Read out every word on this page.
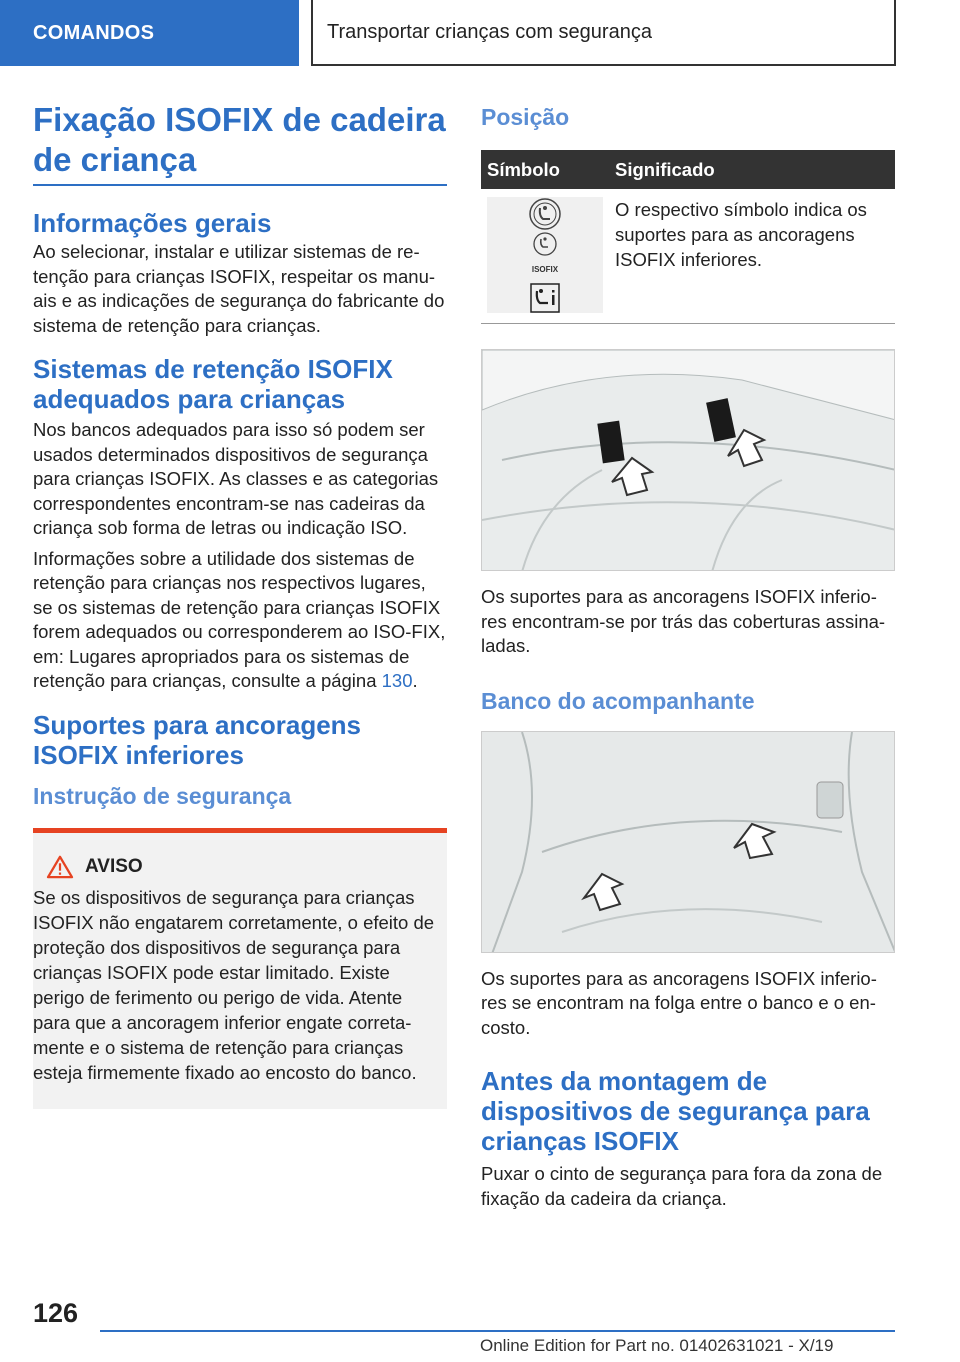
COMANDOS	Transportar crianças com segurança
Fixação ISOFIX de cadeira de criança
Informações gerais

Ao selecionar, instalar e utilizar sistemas de re-tenção para crianças ISOFIX, respeitar os manu-ais e as indicações de segurança do fabricante do sistema de retenção para crianças.

Sistemas de retenção ISOFIX adequados para crianças

Nos bancos adequados para isso só podem ser usados determinados dispositivos de segurança para crianças ISOFIX. As classes e as categorias correspondentes encontram-se nas cadeiras da criança sob forma de letras ou indicação ISO.

Informações sobre a utilidade dos sistemas de retenção para crianças nos respectivos lugares, se os sistemas de retenção para crianças ISOFIX forem adequados ou corresponderem ao ISO-FIX, em: Lugares apropriados para os sistemas de retenção para crianças, consulte a página 130.

Suportes para ancoragens ISOFIX inferiores
Instrução de segurança
AVISO

Se os dispositivos de segurança para crianças ISOFIX não engatarem corretamente, o efeito de proteção dos dispositivos de segurança para crianças ISOFIX pode estar limitado. Existe perigo de ferimento ou perigo de vida. Atente para que a ancoragem inferior engate correta-mente e o sistema de retenção para crianças esteja firmemente fixado ao encosto do banco.

Posição
Símbolo	Significado

ISOFIX	O respectivo símbolo indica os suportes para as ancoragens ISOFIX inferiores.

Os suportes para as ancoragens ISOFIX inferio-res encontram-se por trás das coberturas assina-ladas.

Banco do acompanhante

Os suportes para as ancoragens ISOFIX inferio-res se encontram na folga entre o banco e o en-costo.

Antes da montagem de dispositivos de segurança para crianças ISOFIX

Puxar o cinto de segurança para fora da zona de fixação da cadeira da criança.

126
Online Edition for Part no. 01402631021 - X/19
